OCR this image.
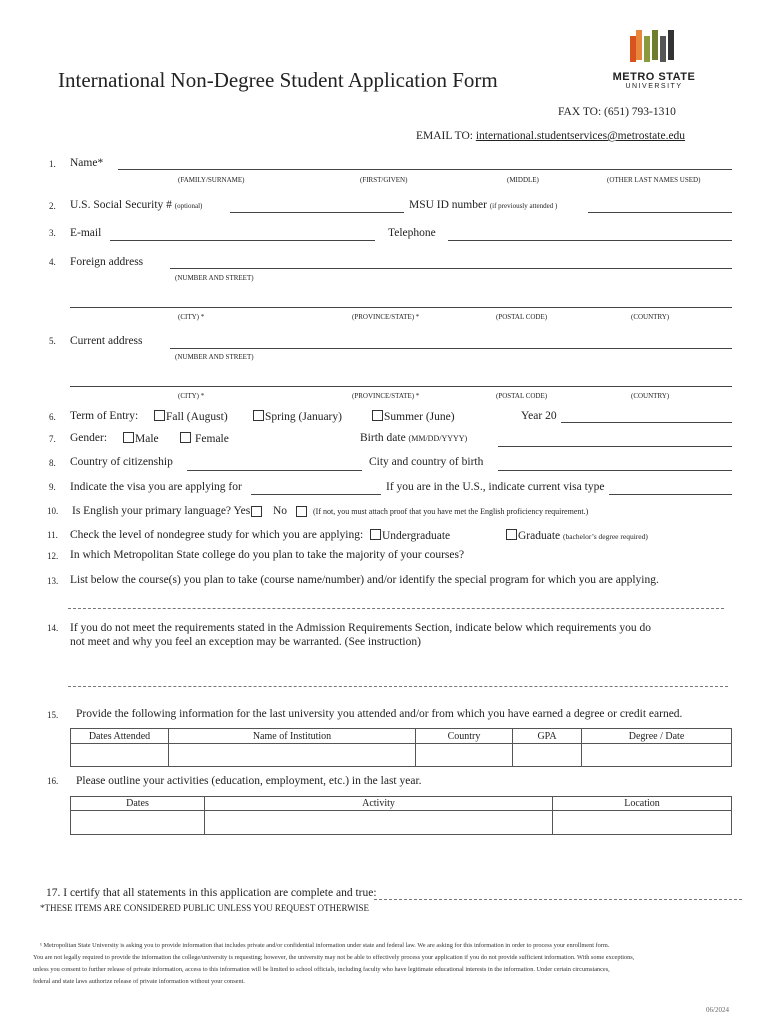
International Non-Degree Student Application Form	METRO STATE
UNIVERSITY
FAX TO: (651) 793-1310
EMAIL TO: international.studentservices@metrostate.edu
1. Name*
(FAMILY/SURNAME)	(FIRST/GIVEN)	(MIDDLE)	(OTHER LAST NAMES USED)
2. U.S. Social Security # (optional)	MSU ID number (if previously attended )
3. E-mail	Telephone
4. Foreign address
(NUMBER AND STREET)
(CITY) *	(PROVINCE/STATE) *	(POSTAL CODE)	(COUNTRY)
5. Current address
(NUMBER AND STREET)
(CITY) *	(PROVINCE/STATE) *	(POSTAL CODE)	(COUNTRY)
6. Term of Entry:	Fall (August)	Spring (January)	Summer (June)	Year 20
7. Gender:	Male	Female	Birth date (MM/DD/YYYY)
8. Country of citizenship	City and country of birth
9. Indicate the visa you are applying for	If you are in the U.S., indicate current visa type
10. Is English your primary language? Yes No	(If not, you must attach proof that you have met the English proficiency requirement.)
11. Check the level of nondegree study for which you are applying:	Undergraduate	Graduate (bachelor’s degree required)
12. In which Metropolitan State college do you plan to take the majority of your courses?
13. List below the course(s) you plan to take (course name/number) and/or identify the special program for which you are applying.
14. If you do not meet the requirements stated in the Admission Requirements Section, indicate below which requirements you do
not meet and why you feel an exception may be warranted. (See instruction)
15. Provide the following information for the last university you attended and/or from which you have earned a degree or credit earned.
Dates Attended	Name of Institution	Country	GPA	Degree / Date

16. Please outline your activities (education, employment, etc.) in the last year.
Dates	Activity	Location

17. I certify that all statements in this application are complete and true:
*THESE ITEMS ARE CONSIDERED PUBLIC UNLESS YOU REQUEST OTHERWISE
¹ Metropolitan State University is asking you to provide information that includes private and/or confidential information under state and federal law. We are asking for this information in order to process your enrollment form.
You are not legally required to provide the information the college/university is requesting; however, the university may not be able to effectively process your application if you do not provide sufficient information. With some exceptions,
unless you consent to further release of private information, access to this information will be limited to school officials, including faculty who have legitimate educational interests in the information. Under certain circumstances,
federal and state laws authorize release of private information without your consent.
06/2024
